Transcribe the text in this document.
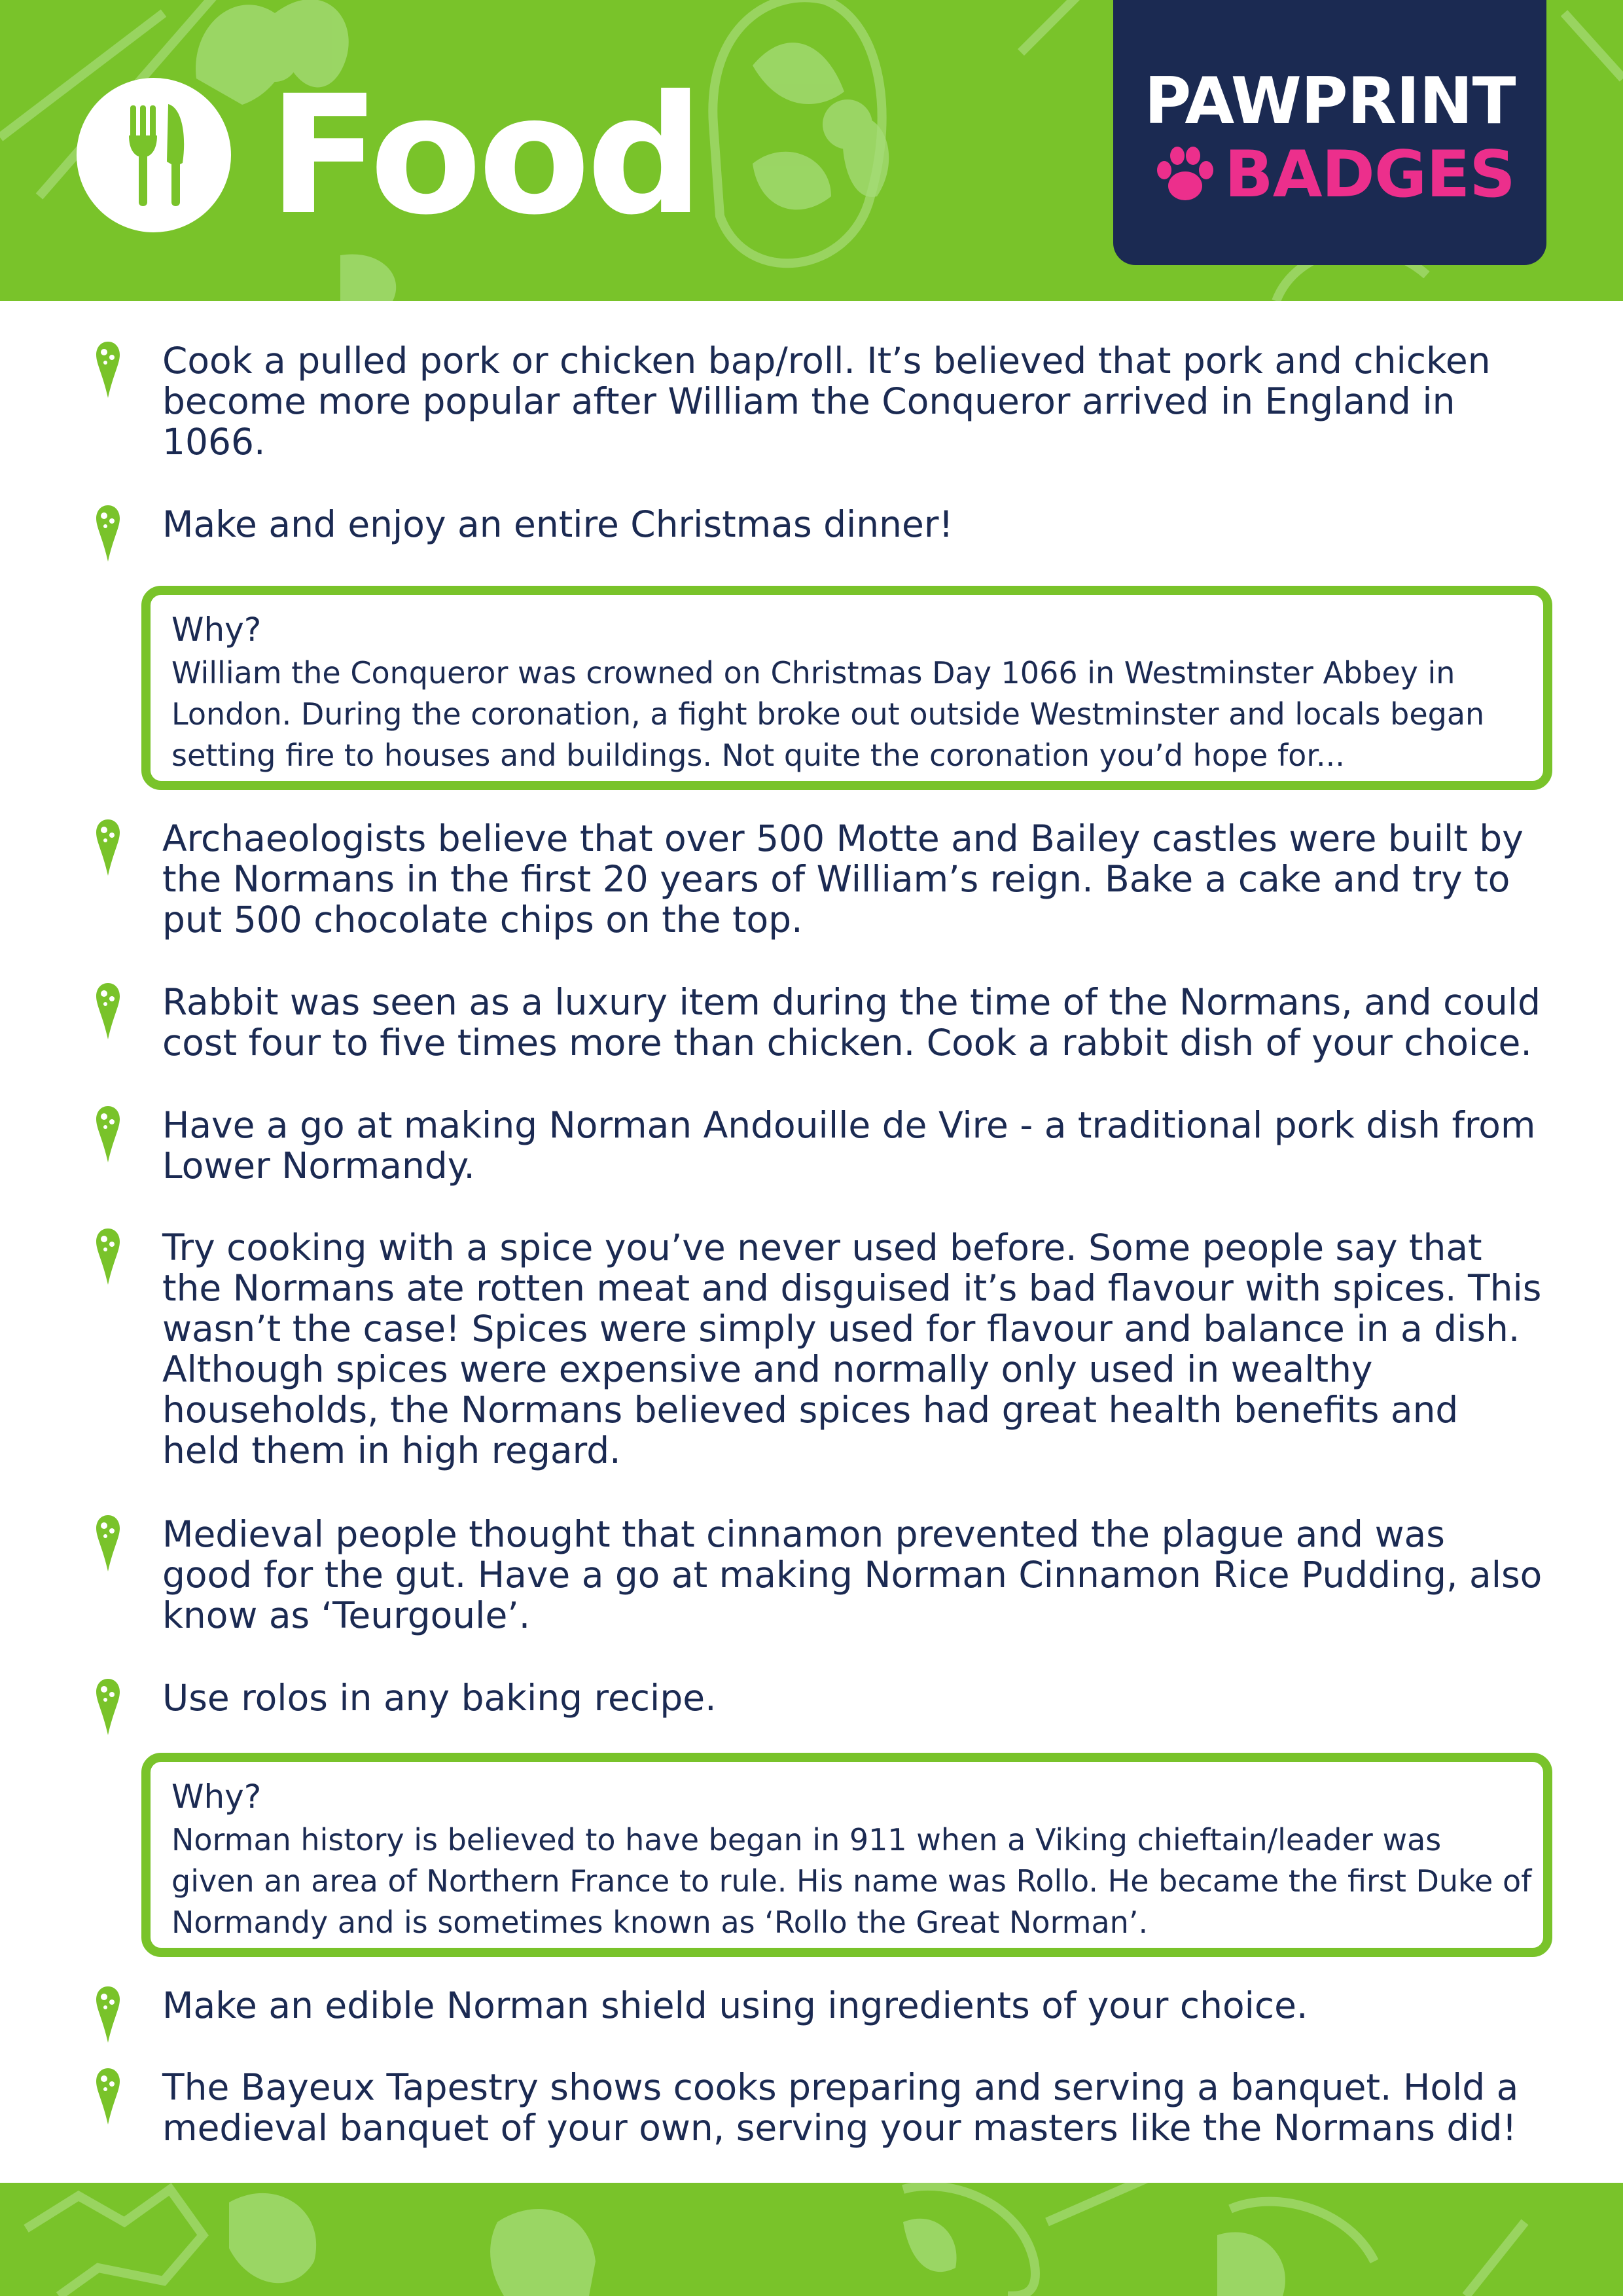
Food	PAWPRINT
BADGES
Cook a pulled pork or chicken bap/roll. It’s believed that pork and chicken become more popular after William the Conqueror arrived in England in 1066.
Make and enjoy an entire Christmas dinner!
Why?
William the Conqueror was crowned on Christmas Day 1066 in Westminster Abbey in London. During the coronation, a fight broke out outside Westminster and locals began setting fire to houses and buildings. Not quite the coronation you’d hope for...
Archaeologists believe that over 500 Motte and Bailey castles were built by the Normans in the first 20 years of William’s reign. Bake a cake and try to put 500 chocolate chips on the top.
Rabbit was seen as a luxury item during the time of the Normans, and could cost four to five times more than chicken. Cook a rabbit dish of your choice.
Have a go at making Norman Andouille de Vire - a traditional pork dish from Lower Normandy.
Try cooking with a spice you’ve never used before. Some people say that the Normans ate rotten meat and disguised it’s bad flavour with spices. This wasn’t the case! Spices were simply used for flavour and balance in a dish. Although spices were expensive and normally only used in wealthy households, the Normans believed spices had great health benefits and held them in high regard.
Medieval people thought that cinnamon prevented the plague and was good for the gut. Have a go at making Norman Cinnamon Rice Pudding, also know as ‘Teurgoule’.
Use rolos in any baking recipe.
Why?
Norman history is believed to have began in 911 when a Viking chieftain/leader was given an area of Northern France to rule. His name was Rollo. He became the first Duke of Normandy and is sometimes known as ‘Rollo the Great Norman’.
Make an edible Norman shield using ingredients of your choice.
The Bayeux Tapestry shows cooks preparing and serving a banquet. Hold a medieval banquet of your own, serving your masters like the Normans did!
